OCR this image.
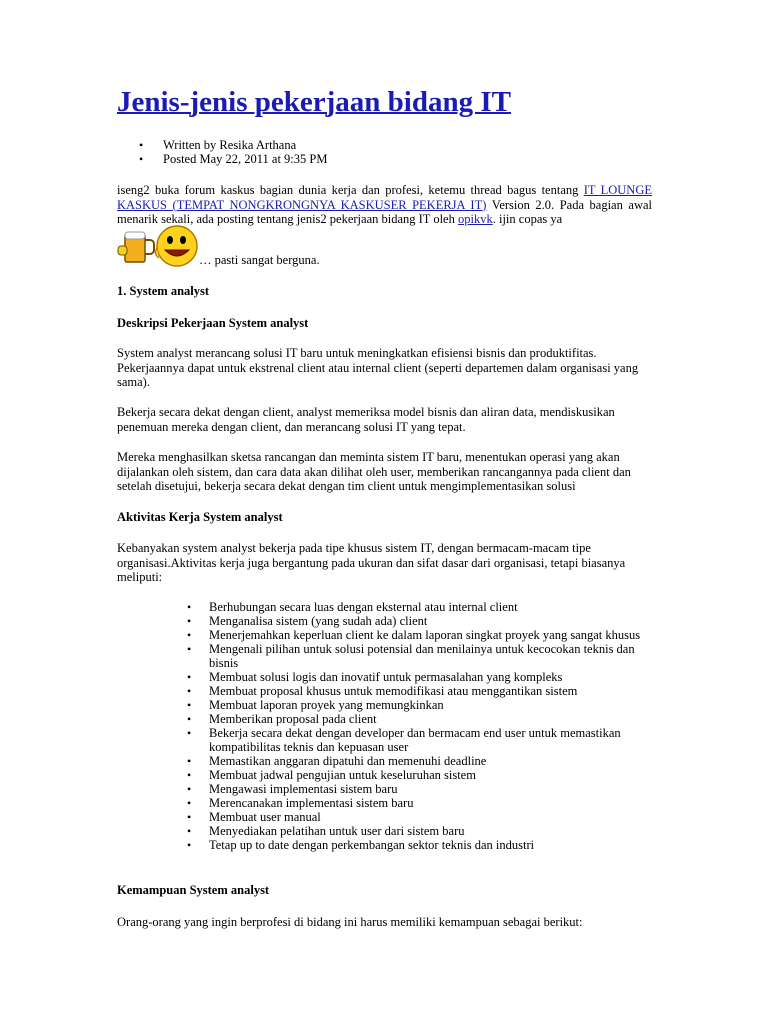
Jenis-jenis pekerjaan bidang IT
• Written by Resika Arthana
• Posted May 22, 2011 at 9:35 PM

iseng2 buka forum kaskus bagian dunia kerja dan profesi, ketemu thread bagus tentang IT LOUNGE KASKUS (TEMPAT NONGKRONGNYA KASKUSER PEKERJA IT) Version 2.0. Pada bagian awal menarik sekali, ada posting tentang jenis2 pekerjaan bidang IT oleh opikvk. ijin copas ya

… pasti sangat berguna.

1. System analyst

Deskripsi Pekerjaan System analyst

System analyst merancang solusi IT baru untuk meningkatkan efisiensi bisnis dan produktifitas. Pekerjaannya dapat untuk ekstrenal client atau internal client (seperti departemen dalam organisasi yang sama).

Bekerja secara dekat dengan client, analyst memeriksa model bisnis dan aliran data, mendiskusikan penemuan mereka dengan client, dan merancang solusi IT yang tepat.

Mereka menghasilkan sketsa rancangan dan meminta sistem IT baru, menentukan operasi yang akan dijalankan oleh sistem, dan cara data akan dilihat oleh user, memberikan rancangannya pada client dan setelah disetujui, bekerja secara dekat dengan tim client untuk mengimplementasikan solusi

Aktivitas Kerja System analyst

Kebanyakan system analyst bekerja pada tipe khusus sistem IT, dengan bermacam-macam tipe organisasi.Aktivitas kerja juga bergantung pada ukuran dan sifat dasar dari organisasi, tetapi biasanya meliputi:

• Berhubungan secara luas dengan eksternal atau internal client
• Menganalisa sistem (yang sudah ada) client
• Menerjemahkan keperluan client ke dalam laporan singkat proyek yang sangat khusus
• Mengenali pilihan untuk solusi potensial dan menilainya untuk kecocokan teknis dan bisnis
• Membuat solusi logis dan inovatif untuk permasalahan yang kompleks
• Membuat proposal khusus untuk memodifikasi atau menggantikan sistem
• Membuat laporan proyek yang memungkinkan
• Memberikan proposal pada client
• Bekerja secara dekat dengan developer dan bermacam end user untuk memastikan kompatibilitas teknis dan kepuasan user
• Memastikan anggaran dipatuhi dan memenuhi deadline
• Membuat jadwal pengujian untuk keseluruhan sistem
• Mengawasi implementasi sistem baru
• Merencanakan implementasi sistem baru
• Membuat user manual
• Menyediakan pelatihan untuk user dari sistem baru
• Tetap up to date dengan perkembangan sektor teknis dan industri

Kemampuan System analyst

Orang-orang yang ingin berprofesi di bidang ini harus memiliki kemampuan sebagai berikut:
